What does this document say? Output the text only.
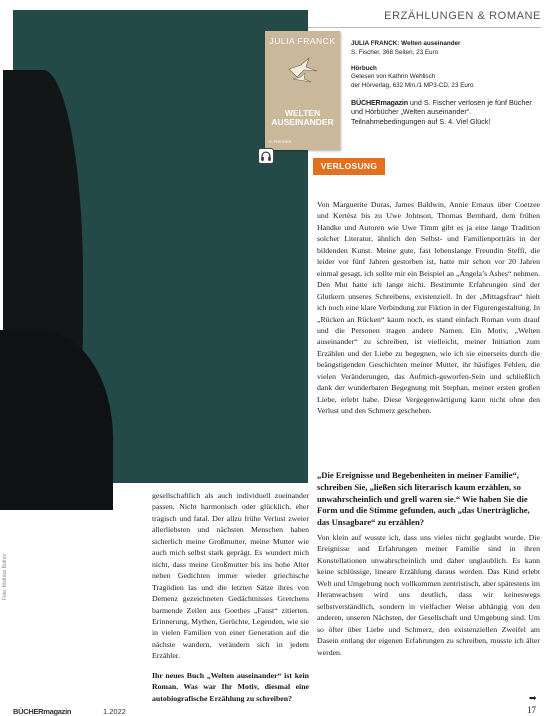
ERZÄHLUNGEN & ROMANE
Foto: Mathias Bothor
JULIA FRANCK
WELTEN
AUSEINANDER
S. FISCHER
JULIA FRANCK: Welten auseinander
S. Fischer, 368 Seiten, 23 Euro
Hörbuch
Gelesen von Kathrin Wehlisch
der Hörverlag, 632 Min./1 MP3-CD, 23 Euro
BÜCHERmagazin und S. Fischer verlosen je fünf Bücher und Hörbücher „Welten auseinander“. Teilnahmebedingungen auf S. 4. Viel Glück!
VERLOSUNG
Von Marguerite Duras, James Baldwin, Annie Ernaux über Coetzee und Kertész bis zu Uwe Johnson, Thomas Bernhard, dem frühen Handke und Autoren wie Uwe Timm gibt es ja eine lange Tradition solcher Literatur, ähnlich den Selbst- und Familienporträts in der bildenden Kunst. Meine gute, fast lebenslange Freundin Steffi, die leider vor fünf Jahren gestorben ist, hatte mir schon vor 20 Jahren einmal gesagt, ich sollte mir ein Beispiel an „Angela’s Ashes“ nehmen. Den Mut hatte ich lange nicht. Bestimmte Erfahrungen sind der Glutkern unseres Schreibens, existenziell. In der „Mittagsfrau“ hielt ich noch eine klare Verbindung zur Fiktion in der Figurengestaltung. In „Rücken an Rücken“ kaum noch, es stand einfach Roman vorn drauf und die Personen tragen andere Namen. Ein Motiv, „Welten auseinander“ zu schreiben, ist vielleicht, meiner Initiation zum Erzählen und der Liebe zu begegnen, wie ich sie einerseits durch die beängstigenden Geschichten meiner Mutter, ihr häufiges Fehlen, die vielen Veränderungen, das Aufmich-geworfen-Sein und schließlich dank der wunderbaren Begegnung mit Stephan, meiner ersten großen Liebe, erlebt habe. Diese Vergegenwärtigung kann nicht ohne den Verlust und den Schmerz geschehen.
„Die Ereignisse und Begebenheiten in meiner Familie“, schreiben Sie, „ließen sich literarisch kaum erzählen, so unwahrscheinlich und grell waren sie.“ Wie haben Sie die Form und die Stimme gefunden, auch „das Unerträgliche, das Unsagbare“ zu erzählen?
Von klein auf wusste ich, dass uns vieles nicht geglaubt wurde. Die Ereignisse und Erfahrungen meiner Familie sind in ihren Konstellationen unwahrscheinlich und daher unglaublich. Es kann keine schlüssige, lineare Erzählung daraus werden. Das Kind erlebt Welt und Umgebung noch vollkommen zentristisch, aber spätestens im Heranwachsen wird uns deutlich, dass wir keineswegs selbstverständlich, sondern in vielfacher Weise abhängig von den anderen, unseren Nächsten, der Gesellschaft und Umgebung sind. Um so öfter über Liebe und Schmerz, den existenziellen Zweifel am Dasein entlang der eigenen Erfahrungen zu schreiben, musste ich älter werden.
gesellschaftlich als auch individuell zueinander passen. Nicht harmonisch oder glücklich, eher tragisch und fatal. Der allzu frühe Verlust zweier allerliebsten und nächsten Menschen haben sicherlich meine Großmutter, meine Mutter wie auch mich selbst stark geprägt. Es wundert mich nicht, dass meine Großmutter bis ins hohe Alter neben Gedichten immer wieder griechische Tragödien las und die letzten Sätze ihres von Demenz gezeichneten Gedächtnisses Gretchens barmende Zeilen aus Goethes „Faust“ zitierten. Erinnerung, Mythen, Gerüchte, Legenden, wie sie in vielen Familien von einer Generation auf die nächste wandern, verändern sich in jedem Erzähler.
Ihr neues Buch „Welten auseinander“ ist kein Roman. Was war Ihr Motiv, diesmal eine autobiografische Erzählung zu schreiben?	➡
BÜCHERmagazin	1.2022	17
